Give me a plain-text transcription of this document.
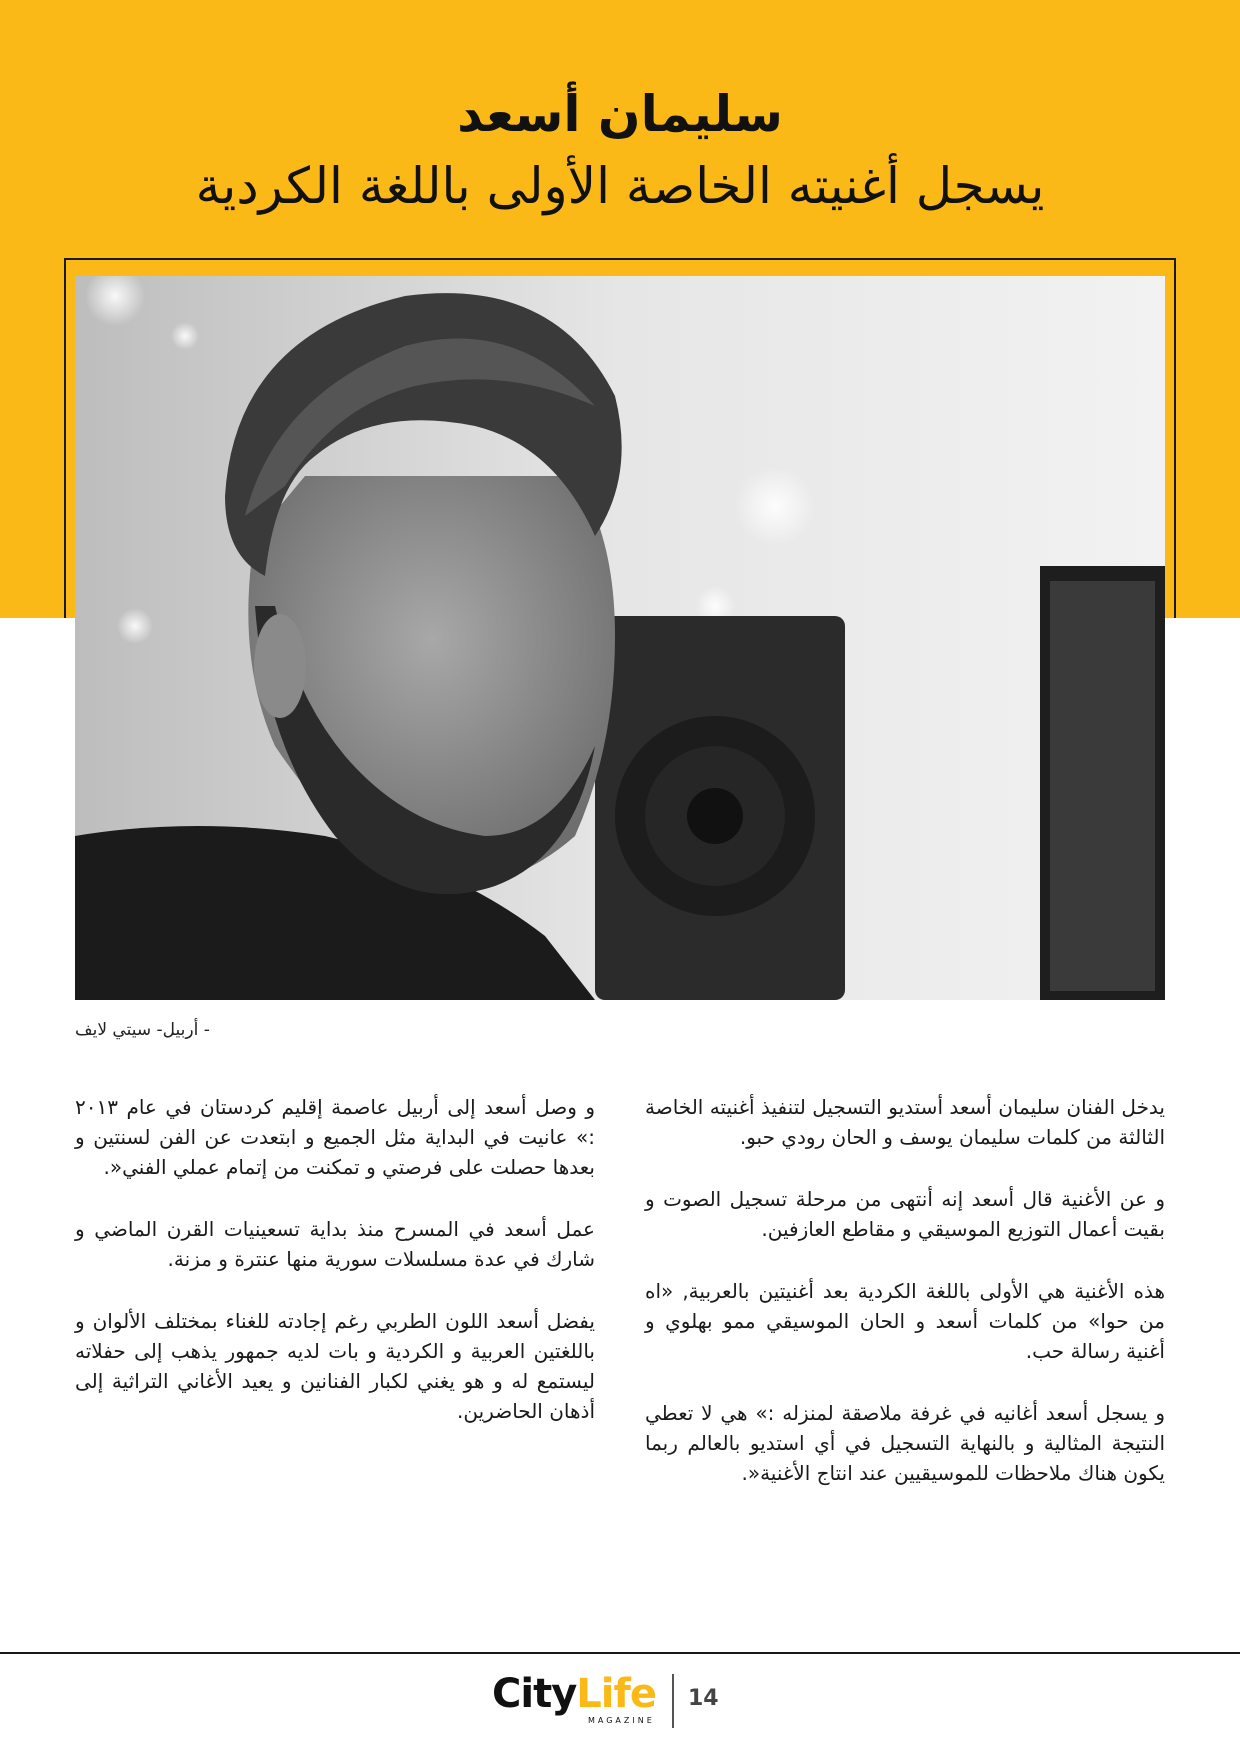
سليمان أسعد
يسجل أغنيته الخاصة الأولى باللغة الكردية
- أربيل- سيتي لايف

يدخل الفنان سليمان أسعد أستديو التسجيل لتنفيذ أغنيته الخاصة الثالثة من كلمات سليمان يوسف و الحان رودي حبو.

و عن الأغنية قال أسعد إنه أنتهى من مرحلة تسجيل الصوت و بقيت أعمال التوزيع الموسيقي و مقاطع العازفين.

هذه الأغنية هي الأولى باللغة الكردية بعد أغنيتين بالعربية, «اه من حوا» من كلمات أسعد و الحان الموسيقي ممو بهلوي و أغنية رسالة حب.

و يسجل أسعد أغانيه في غرفة ملاصقة لمنزله :» هي لا تعطي النتيجة المثالية و بالنهاية التسجيل في أي استديو بالعالم ربما يكون هناك ملاحظات للموسيقيين عند انتاج الأغنية«.

و وصل أسعد إلى أربيل عاصمة إقليم كردستان في عام ٢٠١٣ :» عانيت في البداية مثل الجميع و ابتعدت عن الفن لسنتين و بعدها حصلت على فرصتي و تمكنت من إتمام عملي الفني«.

عمل أسعد في المسرح منذ بداية تسعينيات القرن الماضي و شارك في عدة مسلسلات سورية منها عنترة و مزنة.

يفضل أسعد اللون الطربي رغم إجادته للغناء بمختلف الألوان و باللغتين العربية و الكردية و بات لديه جمهور يذهب إلى حفلاته ليستمع له و هو يغني لكبار الفنانين و يعيد الأغاني التراثية إلى أذهان الحاضرين.

CityLife
MAGAZINE
14
